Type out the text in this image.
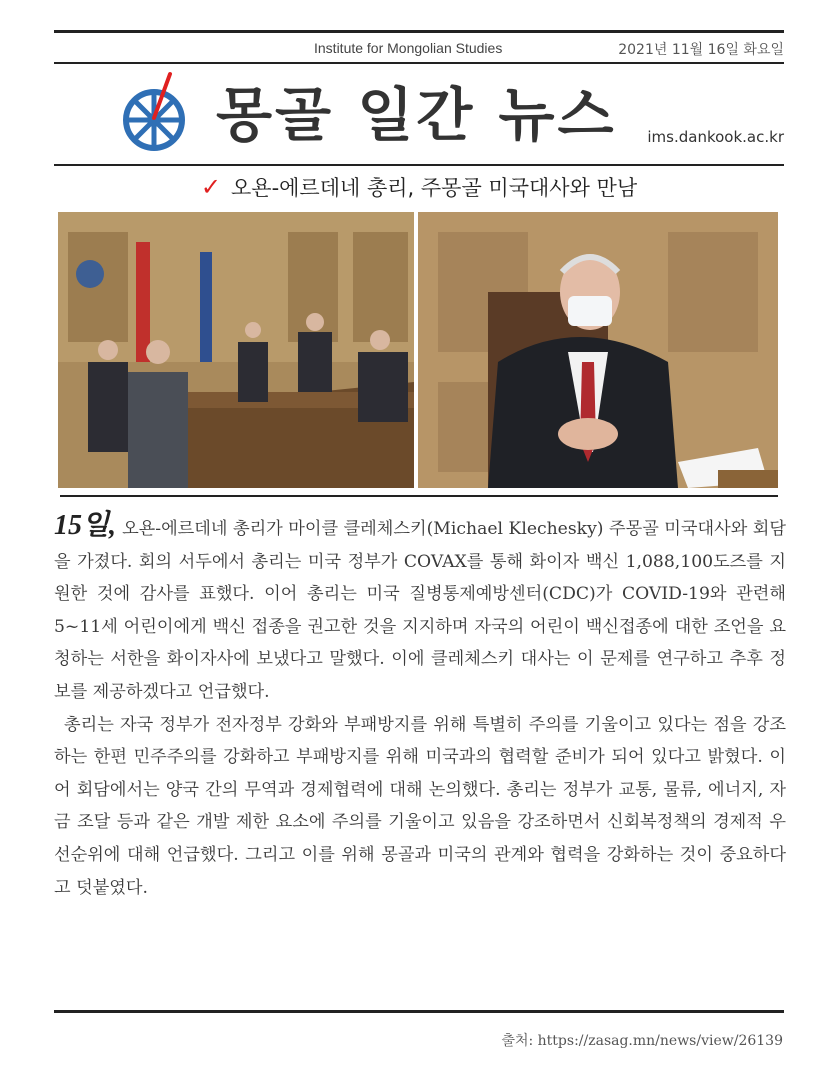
Institute for Mongolian Studies	2021년 11월 16일 화요일
몽골 일간 뉴스 ims.dankook.ac.kr
✓ 오욘-에르데네 총리, 주몽골 미국대사와 만남

15일, 오욘-에르데네 총리가 마이클 클레체스키(Michael Klechesky) 주몽골 미국대사와 회담을 가졌다. 회의 서두에서 총리는 미국 정부가 COVAX를 통해 화이자 백신 1,088,100도즈를 지원한 것에 감사를 표했다. 이어 총리는 미국 질병통제예방센터(CDC)가 COVID-19와 관련해 5~11세 어린이에게 백신 접종을 권고한 것을 지지하며 자국의 어린이 백신접종에 대한 조언을 요청하는 서한을 화이자사에 보냈다고 말했다. 이에 클레체스키 대사는 이 문제를 연구하고 추후 정보를 제공하겠다고 언급했다.

총리는 자국 정부가 전자정부 강화와 부패방지를 위해 특별히 주의를 기울이고 있다는 점을 강조하는 한편 민주주의를 강화하고 부패방지를 위해 미국과의 협력할 준비가 되어 있다고 밝혔다. 이어 회담에서는 양국 간의 무역과 경제협력에 대해 논의했다. 총리는 정부가 교통, 물류, 에너지, 자금 조달 등과 같은 개발 제한 요소에 주의를 기울이고 있음을 강조하면서 신회복정책의 경제적 우선순위에 대해 언급했다. 그리고 이를 위해 몽골과 미국의 관계와 협력을 강화하는 것이 중요하다고 덧붙였다.

출처: https://zasag.mn/news/view/26139
